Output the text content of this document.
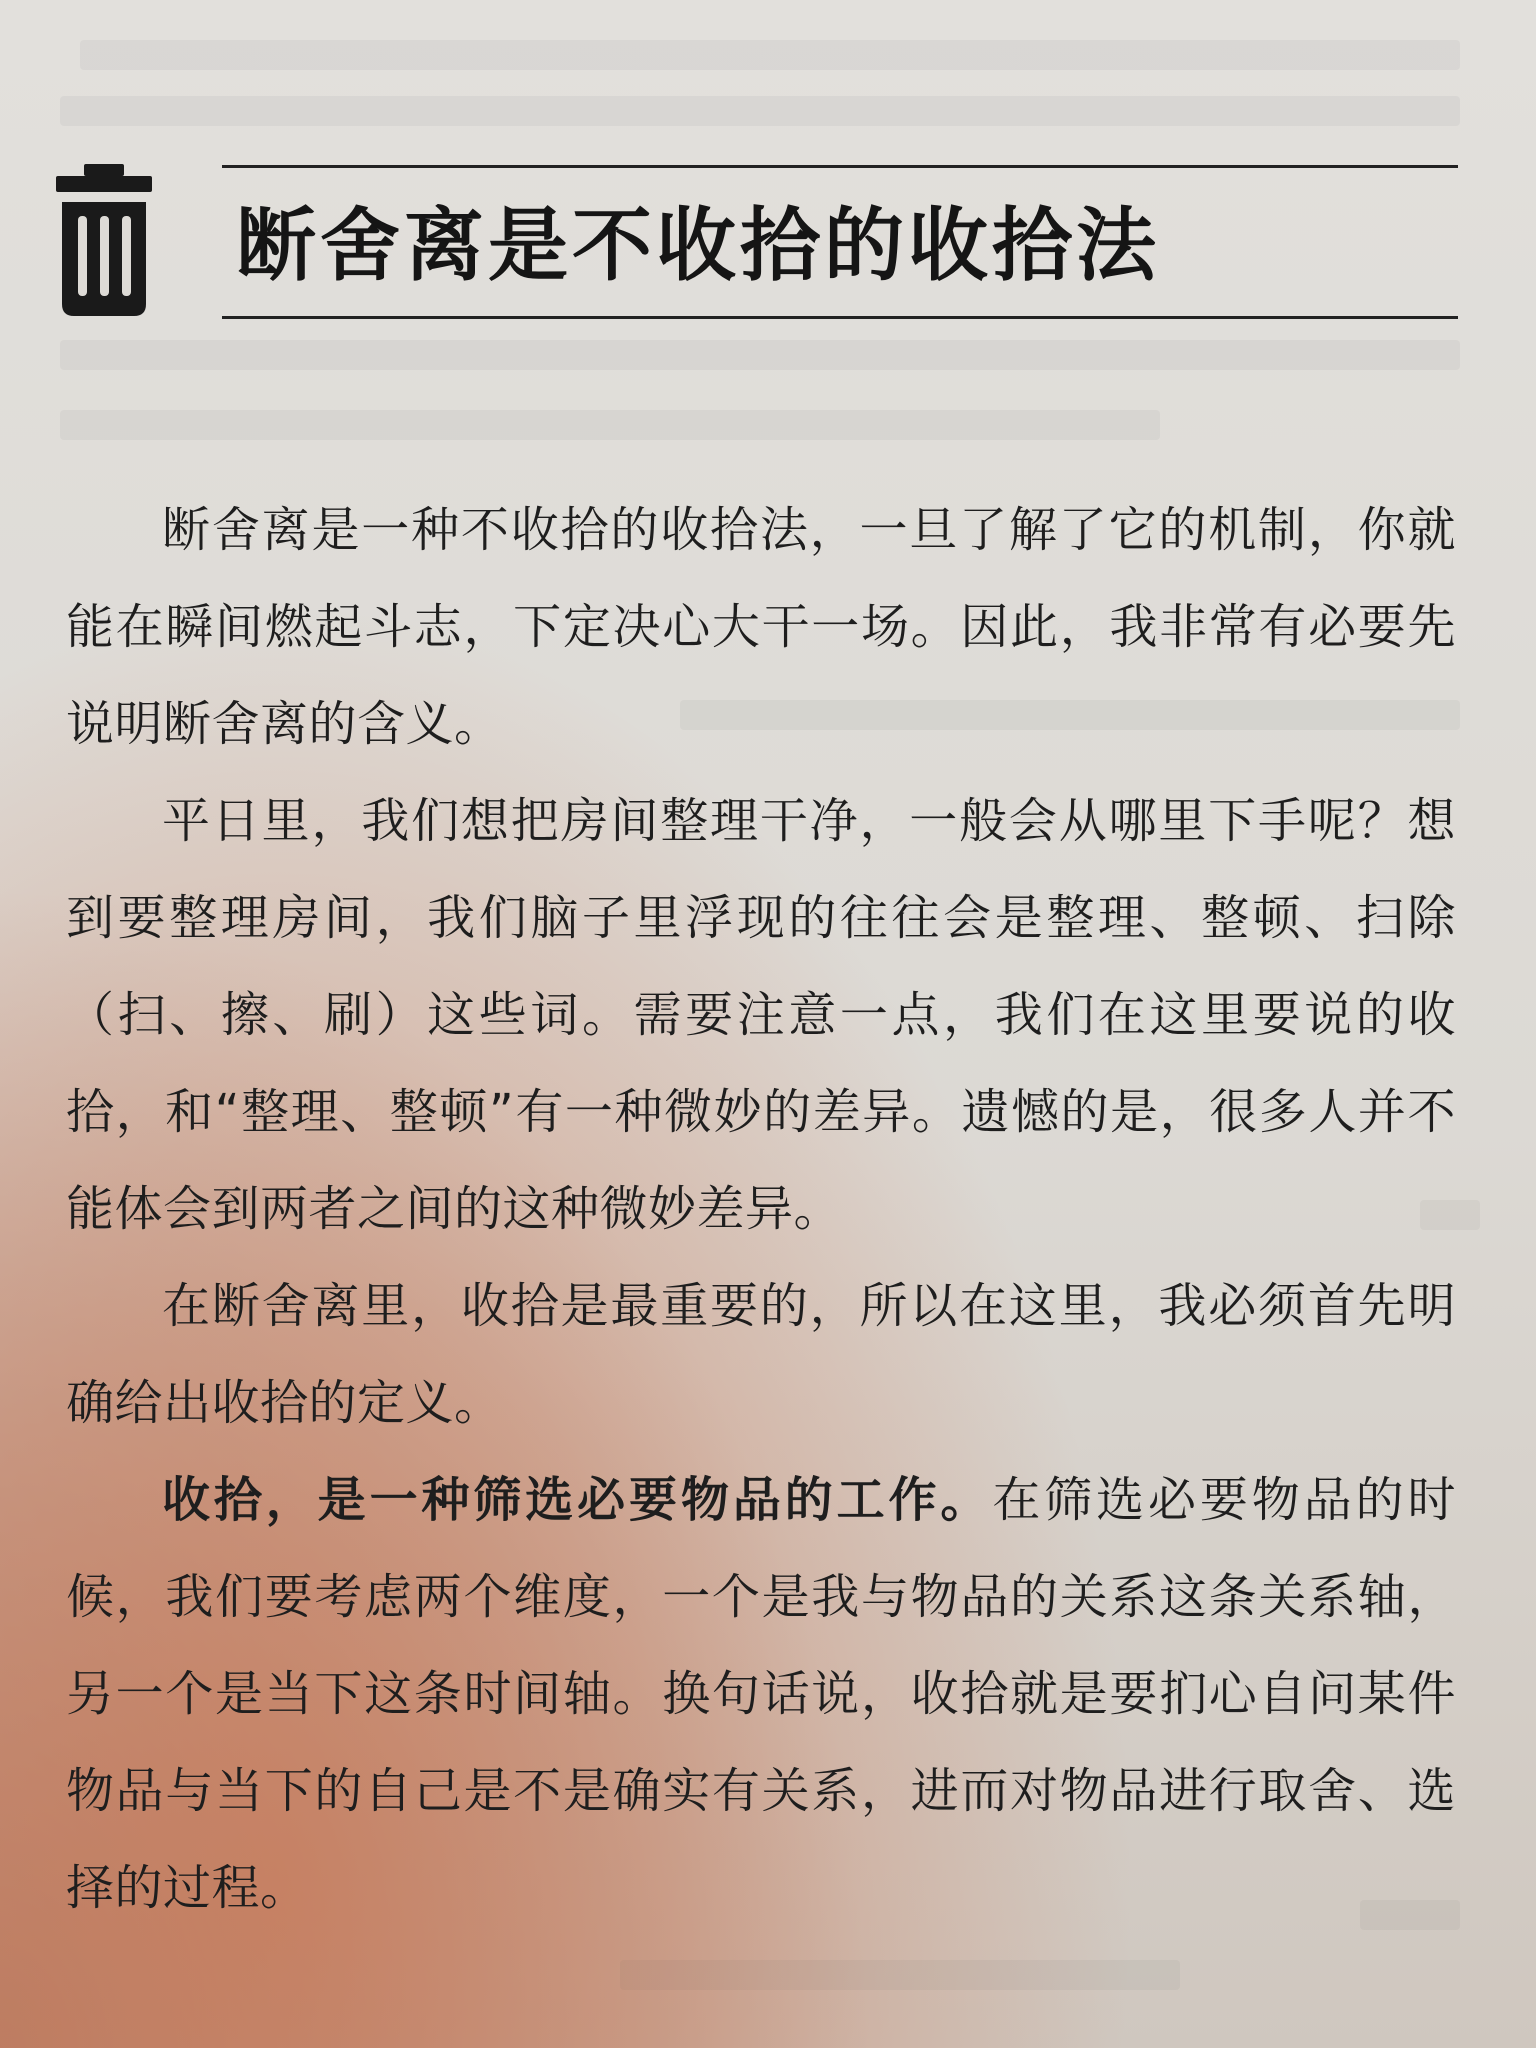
断舍离是不收拾的收拾法

断舍离是一种不收拾的收拾法，一旦了解了它的机制，你就能在瞬间燃起斗志，下定决心大干一场。因此，我非常有必要先说明断舍离的含义。

平日里，我们想把房间整理干净，一般会从哪里下手呢？想到要整理房间，我们脑子里浮现的往往会是整理、整顿、扫除（扫、擦、刷）这些词。需要注意一点，我们在这里要说的收拾，和“整理、整顿”有一种微妙的差异。遗憾的是，很多人并不能体会到两者之间的这种微妙差异。

在断舍离里，收拾是最重要的，所以在这里，我必须首先明确给出收拾的定义。

收拾，是一种筛选必要物品的工作。在筛选必要物品的时候，我们要考虑两个维度，一个是我与物品的关系这条关系轴，另一个是当下这条时间轴。换句话说，收拾就是要扪心自问某件物品与当下的自己是不是确实有关系，进而对物品进行取舍、选择的过程。
